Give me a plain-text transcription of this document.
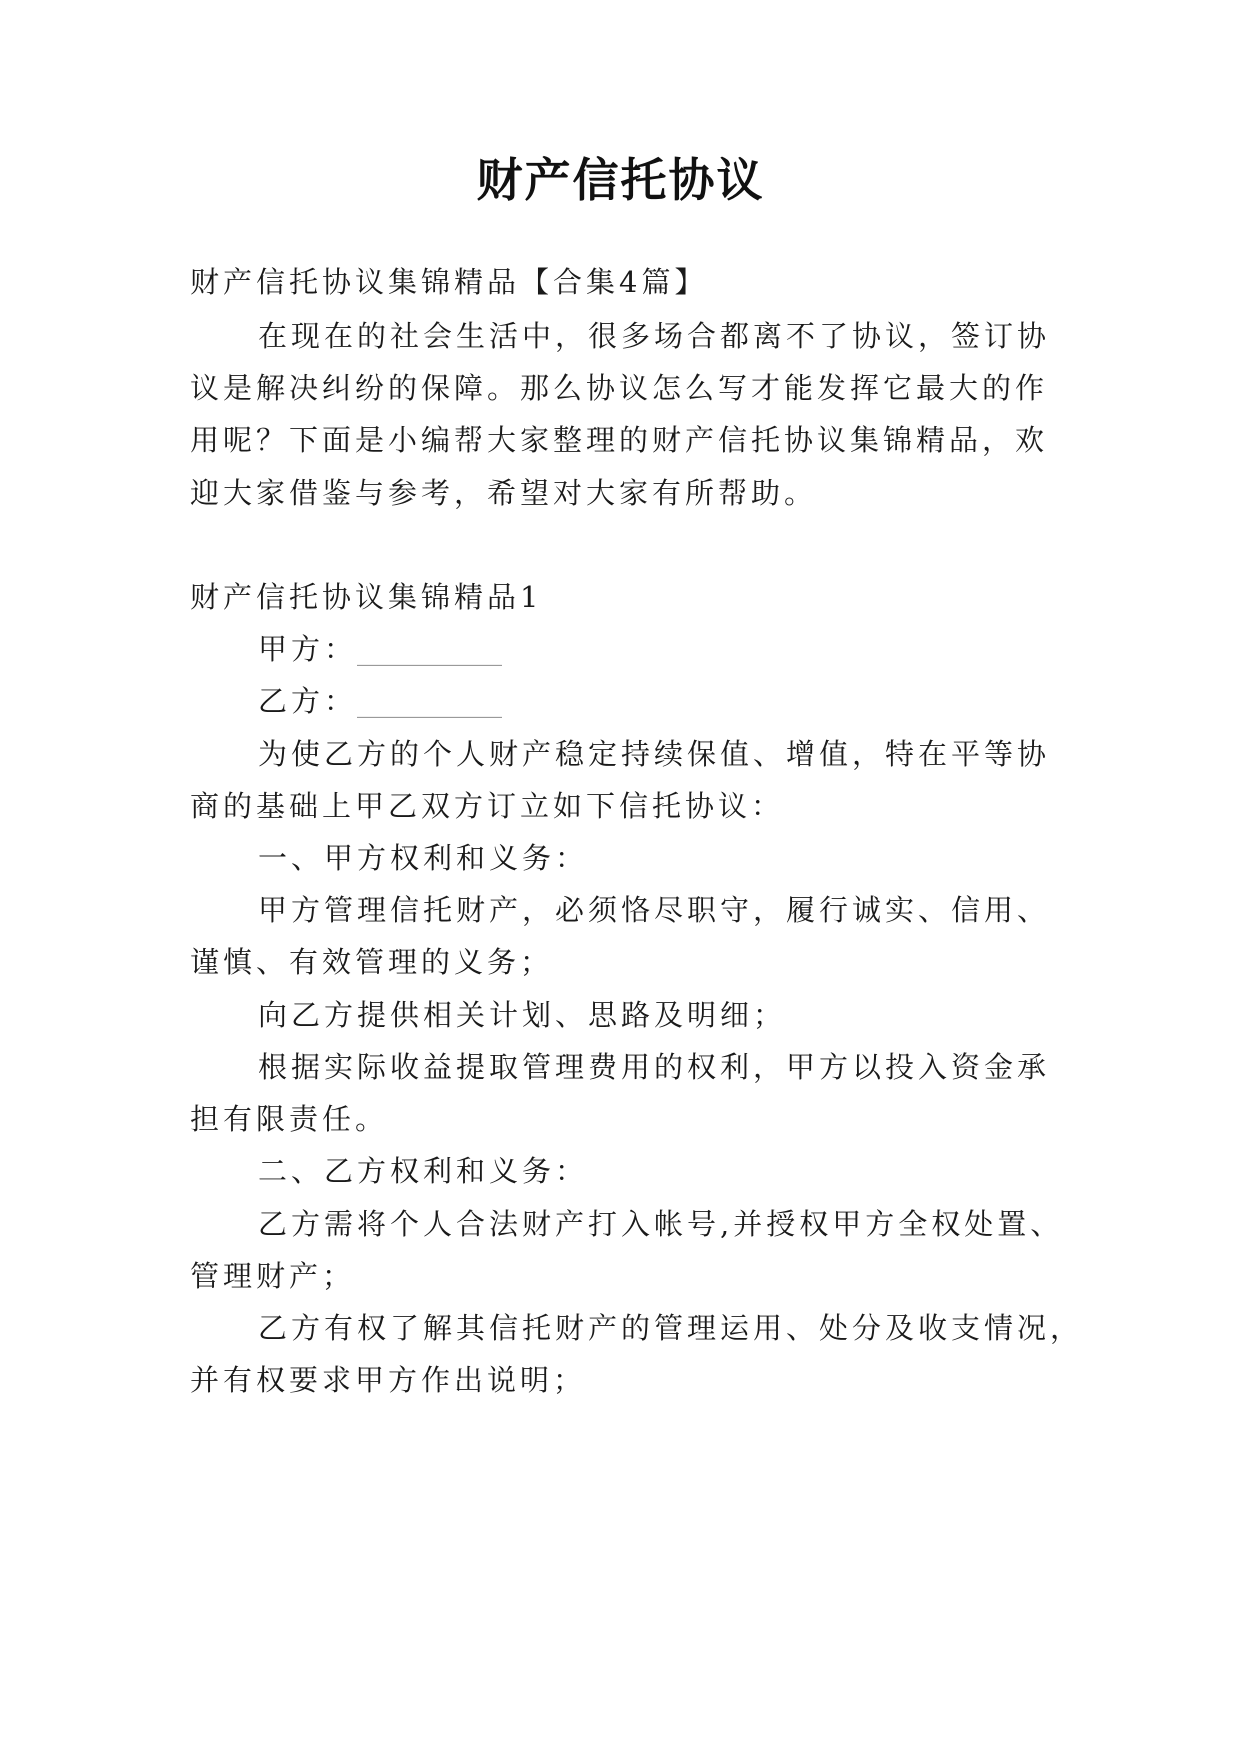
财产信托协议

财产信托协议集锦精品【合集4篇】

在现在的社会生活中，很多场合都离不了协议，签订协

议是解决纠纷的保障。那么协议怎么写才能发挥它最大的作

用呢？下面是小编帮大家整理的财产信托协议集锦精品，欢

迎大家借鉴与参考，希望对大家有所帮助。

财产信托协议集锦精品1

甲方：__________

乙方：__________

为使乙方的个人财产稳定持续保值、增值，特在平等协

商的基础上甲乙双方订立如下信托协议：

一、甲方权利和义务：

甲方管理信托财产，必须恪尽职守，履行诚实、信用、

谨慎、有效管理的义务；

向乙方提供相关计划、思路及明细；

根据实际收益提取管理费用的权利，甲方以投入资金承

担有限责任。

二、乙方权利和义务：

乙方需将个人合法财产打入帐号,并授权甲方全权处置、

管理财产；

乙方有权了解其信托财产的管理运用、处分及收支情况，

并有权要求甲方作出说明；
